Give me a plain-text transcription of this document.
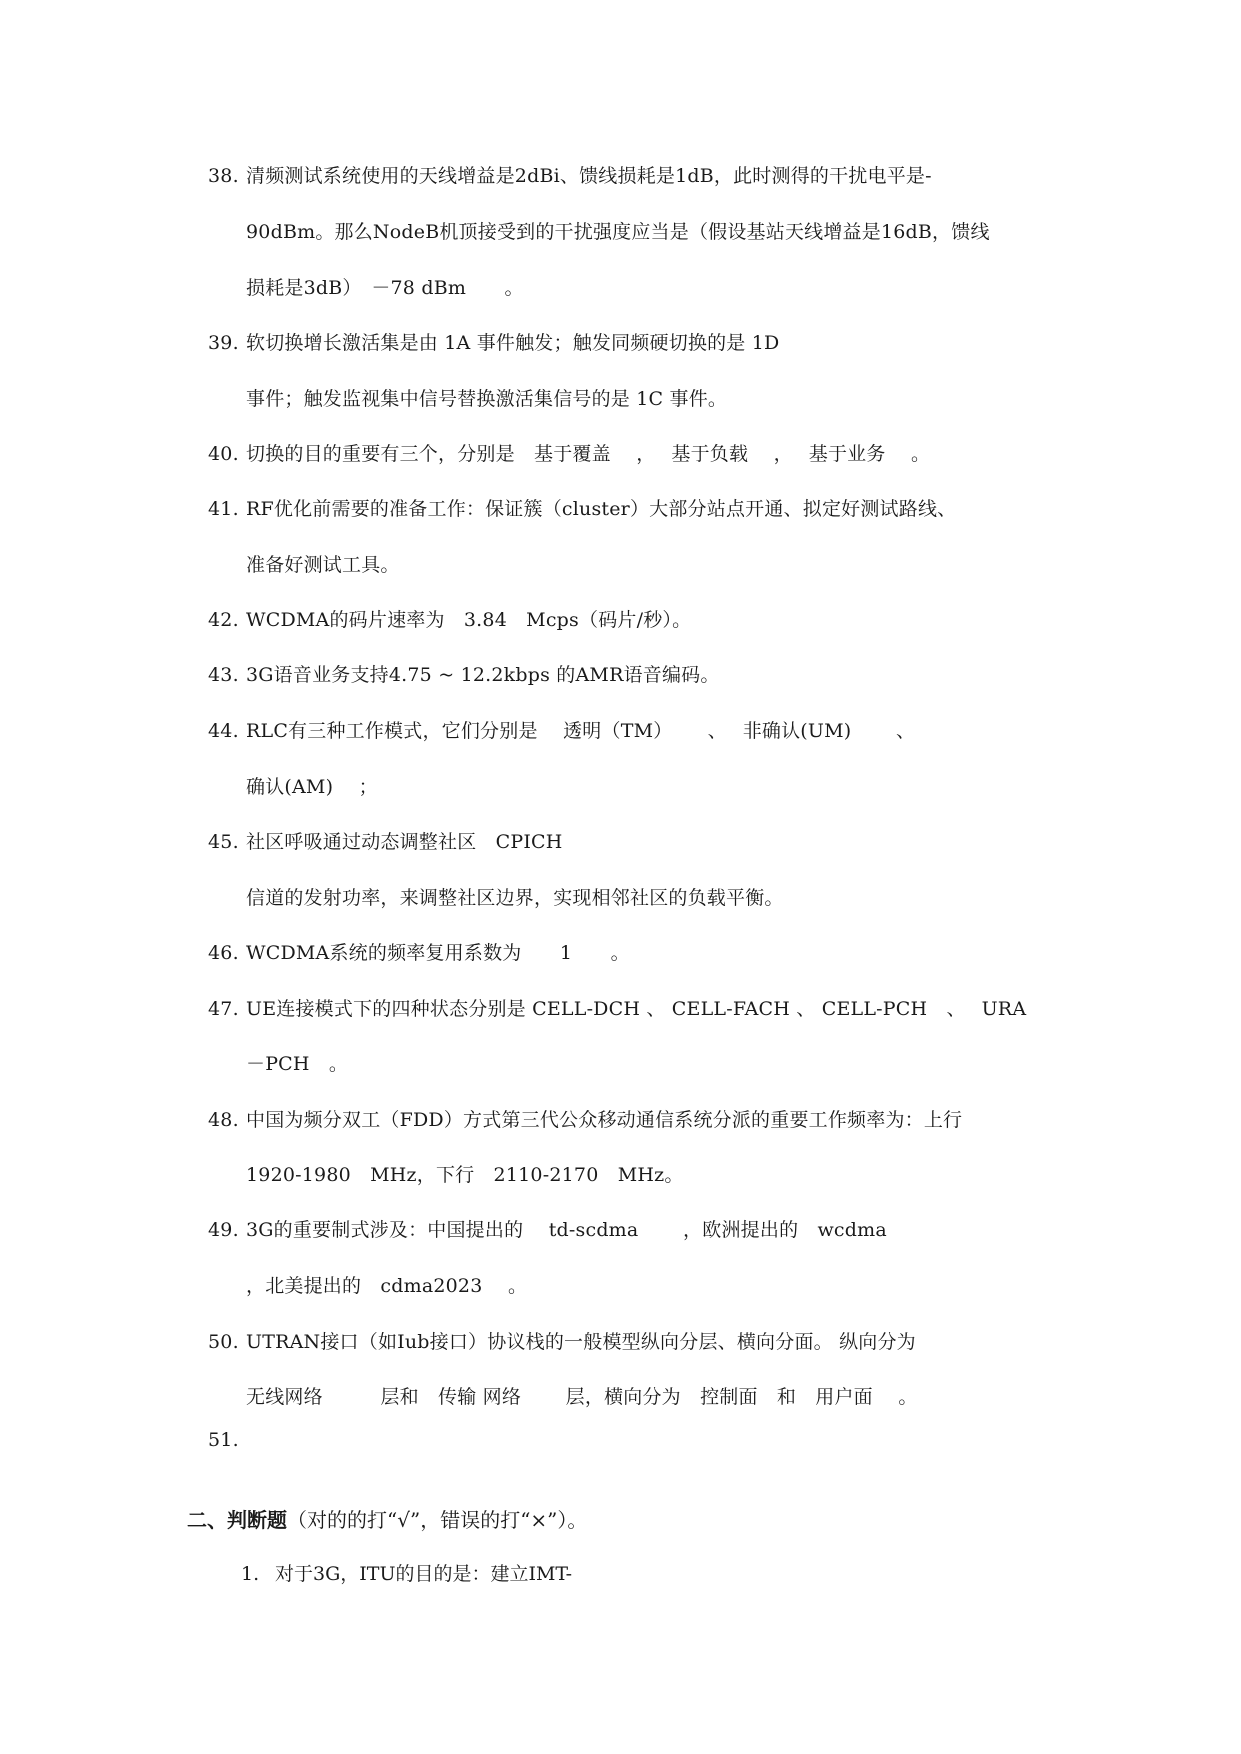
38. 清频测试系统使用的天线增益是2dBi、馈线损耗是1dB，此时测得的干扰电平是-
90dBm。那么NodeB机顶接受到的干扰强度应当是（假设基站天线增益是16dB，馈线
损耗是3dB）　－78 dBm　　。
39. 软切换增长激活集是由 1A 事件触发；触发同频硬切换的是 1D
事件；触发监视集中信号替换激活集信号的是 1C 事件。
40. 切换的目的重要有三个，分别是　基于覆盖　 ，　 基于负载　 ，　 基于业务　 。
41. RF优化前需要的准备工作：保证簇（cluster）大部分站点开通、拟定好测试路线、
准备好测试工具。
42. WCDMA的码片速率为　3.84　Mcps（码片/秒）。
43. 3G语音业务支持4.75 ~ 12.2kbps 的AMR语音编码。
44. RLC有三种工作模式，它们分别是　 透明（TM）　　 、　 非确认(UM)　　 、
确认(AM)　 ；
45. 社区呼吸通过动态调整社区　CPICH
信道的发射功率，来调整社区边界，实现相邻社区的负载平衡。
46. WCDMA系统的频率复用系数为　　1　　。
47. UE连接模式下的四种状态分别是 CELL-DCH 、 CELL-FACH 、 CELL-PCH　、　 URA
－PCH　。
48. 中国为频分双工（FDD）方式第三代公众移动通信系统分派的重要工作频率为：上行
1920-1980　MHz，下行　2110-2170　MHz。
49. 3G的重要制式涉及：中国提出的　 td-scdma　　 ，欧洲提出的　wcdma
，北美提出的　cdma2023　 。
50. UTRAN接口（如Iub接口）协议栈的一般模型纵向分层、横向分面。 纵向分为
无线网络　　　层和　传输 网络　　 层，横向分为　控制面　和　用户面　 。
51.
二、判断题（对的的打“√”，错误的打“×”）。
1. 对于3G，ITU的目的是：建立IMT-
